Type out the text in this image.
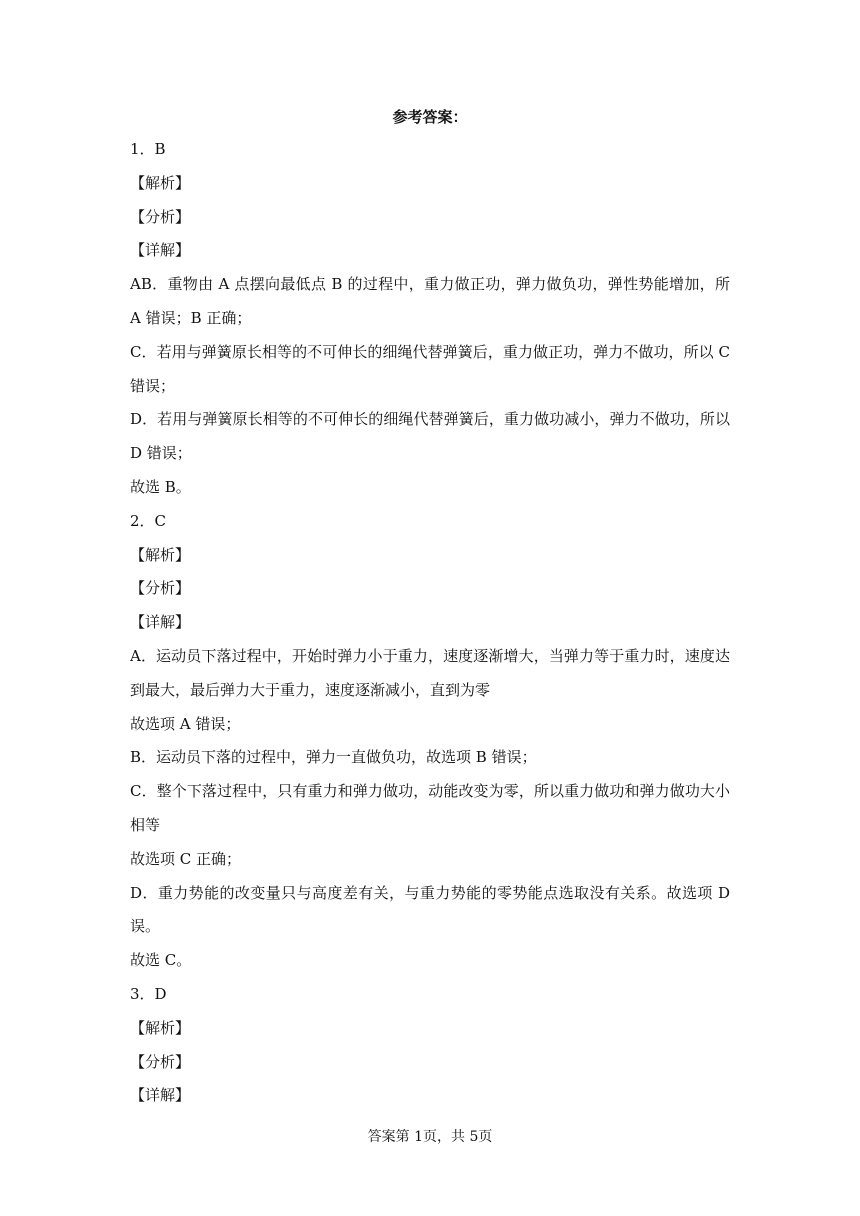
参考答案：
1．B
【解析】
【分析】
【详解】
AB．重物由 A 点摆向最低点 B 的过程中，重力做正功，弹力做负功，弹性势能增加，所
A 错误；B 正确；
C．若用与弹簧原长相等的不可伸长的细绳代替弹簧后，重力做正功，弹力不做功，所以 C
错误；
D．若用与弹簧原长相等的不可伸长的细绳代替弹簧后，重力做功减小，弹力不做功，所以
D 错误；
故选 B。
2．C
【解析】
【分析】
【详解】
A．运动员下落过程中，开始时弹力小于重力，速度逐渐增大，当弹力等于重力时，速度达
到最大，最后弹力大于重力，速度逐渐减小，直到为零
故选项 A 错误；
B．运动员下落的过程中，弹力一直做负功，故选项 B 错误；
C．整个下落过程中，只有重力和弹力做功，动能改变为零，所以重力做功和弹力做功大小
相等
故选项 C 正确；
D．重力势能的改变量只与高度差有关，与重力势能的零势能点选取没有关系。故选项 D
误。
故选 C。
3．D
【解析】
【分析】
【详解】
答案第 1页，共 5页
